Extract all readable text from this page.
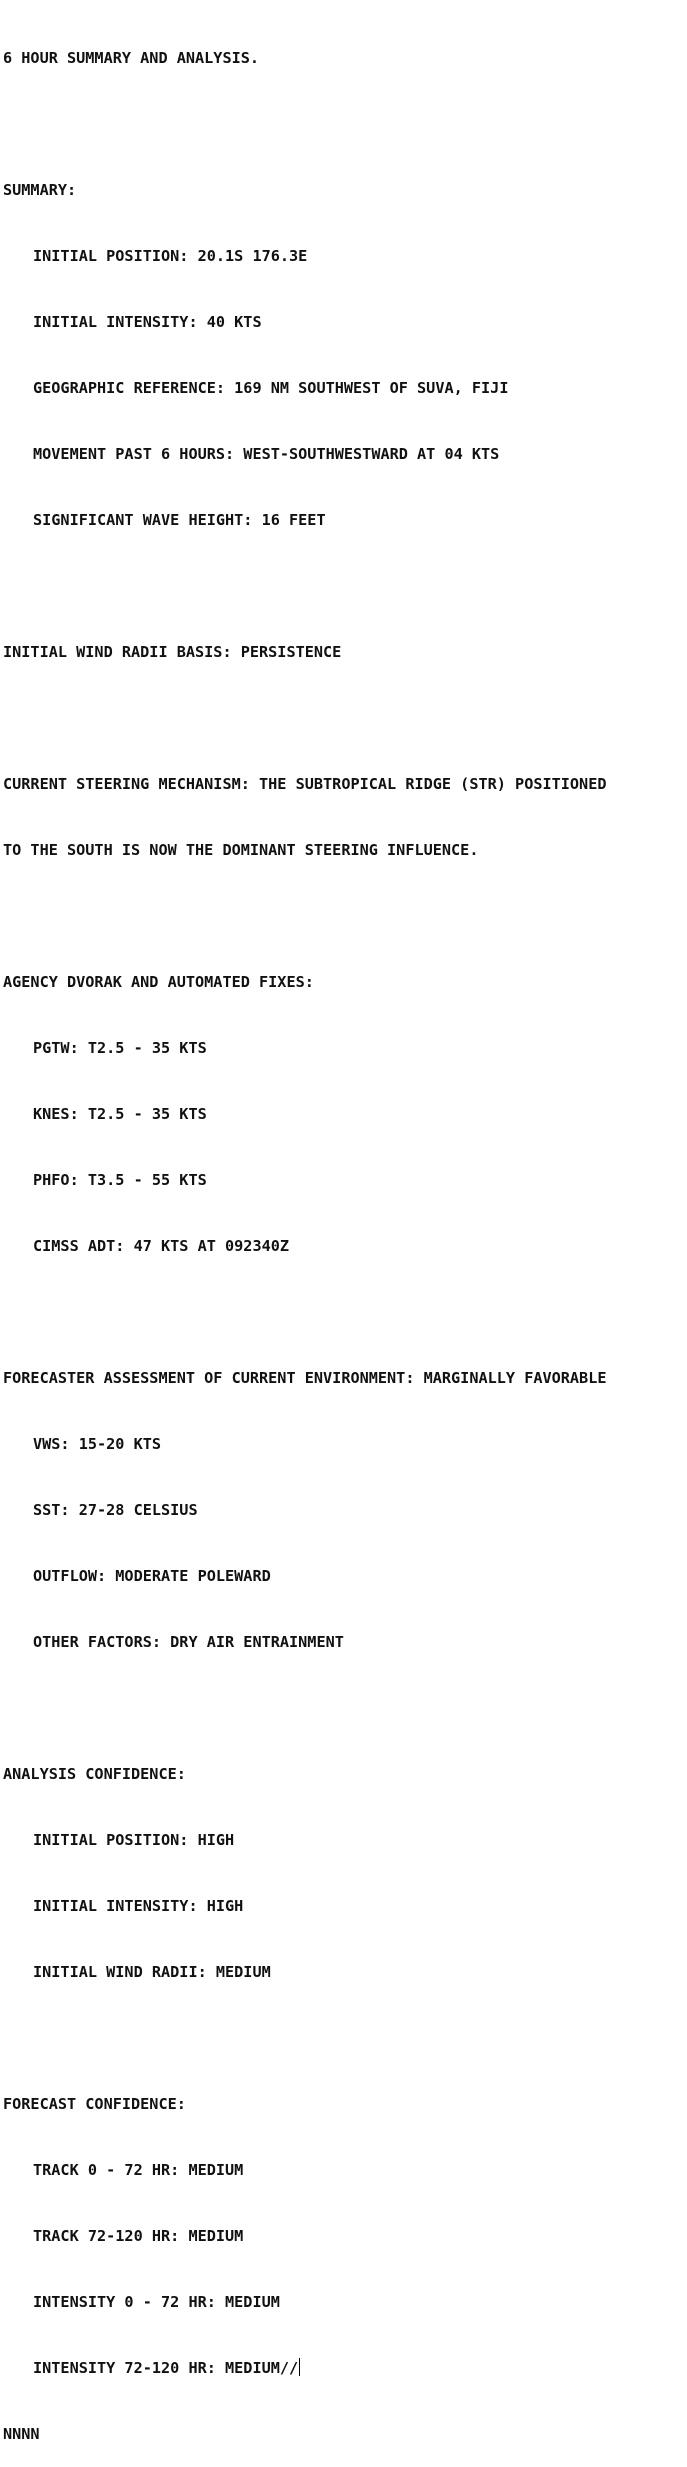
6 HOUR SUMMARY AND ANALYSIS.

SUMMARY:

INITIAL POSITION: 20.1S 176.3E

INITIAL INTENSITY: 40 KTS

GEOGRAPHIC REFERENCE: 169 NM SOUTHWEST OF SUVA, FIJI

MOVEMENT PAST 6 HOURS: WEST-SOUTHWESTWARD AT 04 KTS

SIGNIFICANT WAVE HEIGHT: 16 FEET

INITIAL WIND RADII BASIS: PERSISTENCE

CURRENT STEERING MECHANISM: THE SUBTROPICAL RIDGE (STR) POSITIONED

TO THE SOUTH IS NOW THE DOMINANT STEERING INFLUENCE.

AGENCY DVORAK AND AUTOMATED FIXES:

PGTW: T2.5 - 35 KTS

KNES: T2.5 - 35 KTS

PHFO: T3.5 - 55 KTS

CIMSS ADT: 47 KTS AT 092340Z

FORECASTER ASSESSMENT OF CURRENT ENVIRONMENT: MARGINALLY FAVORABLE

VWS: 15-20 KTS

SST: 27-28 CELSIUS

OUTFLOW: MODERATE POLEWARD

OTHER FACTORS: DRY AIR ENTRAINMENT

ANALYSIS CONFIDENCE:

INITIAL POSITION: HIGH

INITIAL INTENSITY: HIGH

INITIAL WIND RADII: MEDIUM

FORECAST CONFIDENCE:

TRACK 0 - 72 HR: MEDIUM

TRACK 72-120 HR: MEDIUM

INTENSITY 0 - 72 HR: MEDIUM

INTENSITY 72-120 HR: MEDIUM//

NNNN
